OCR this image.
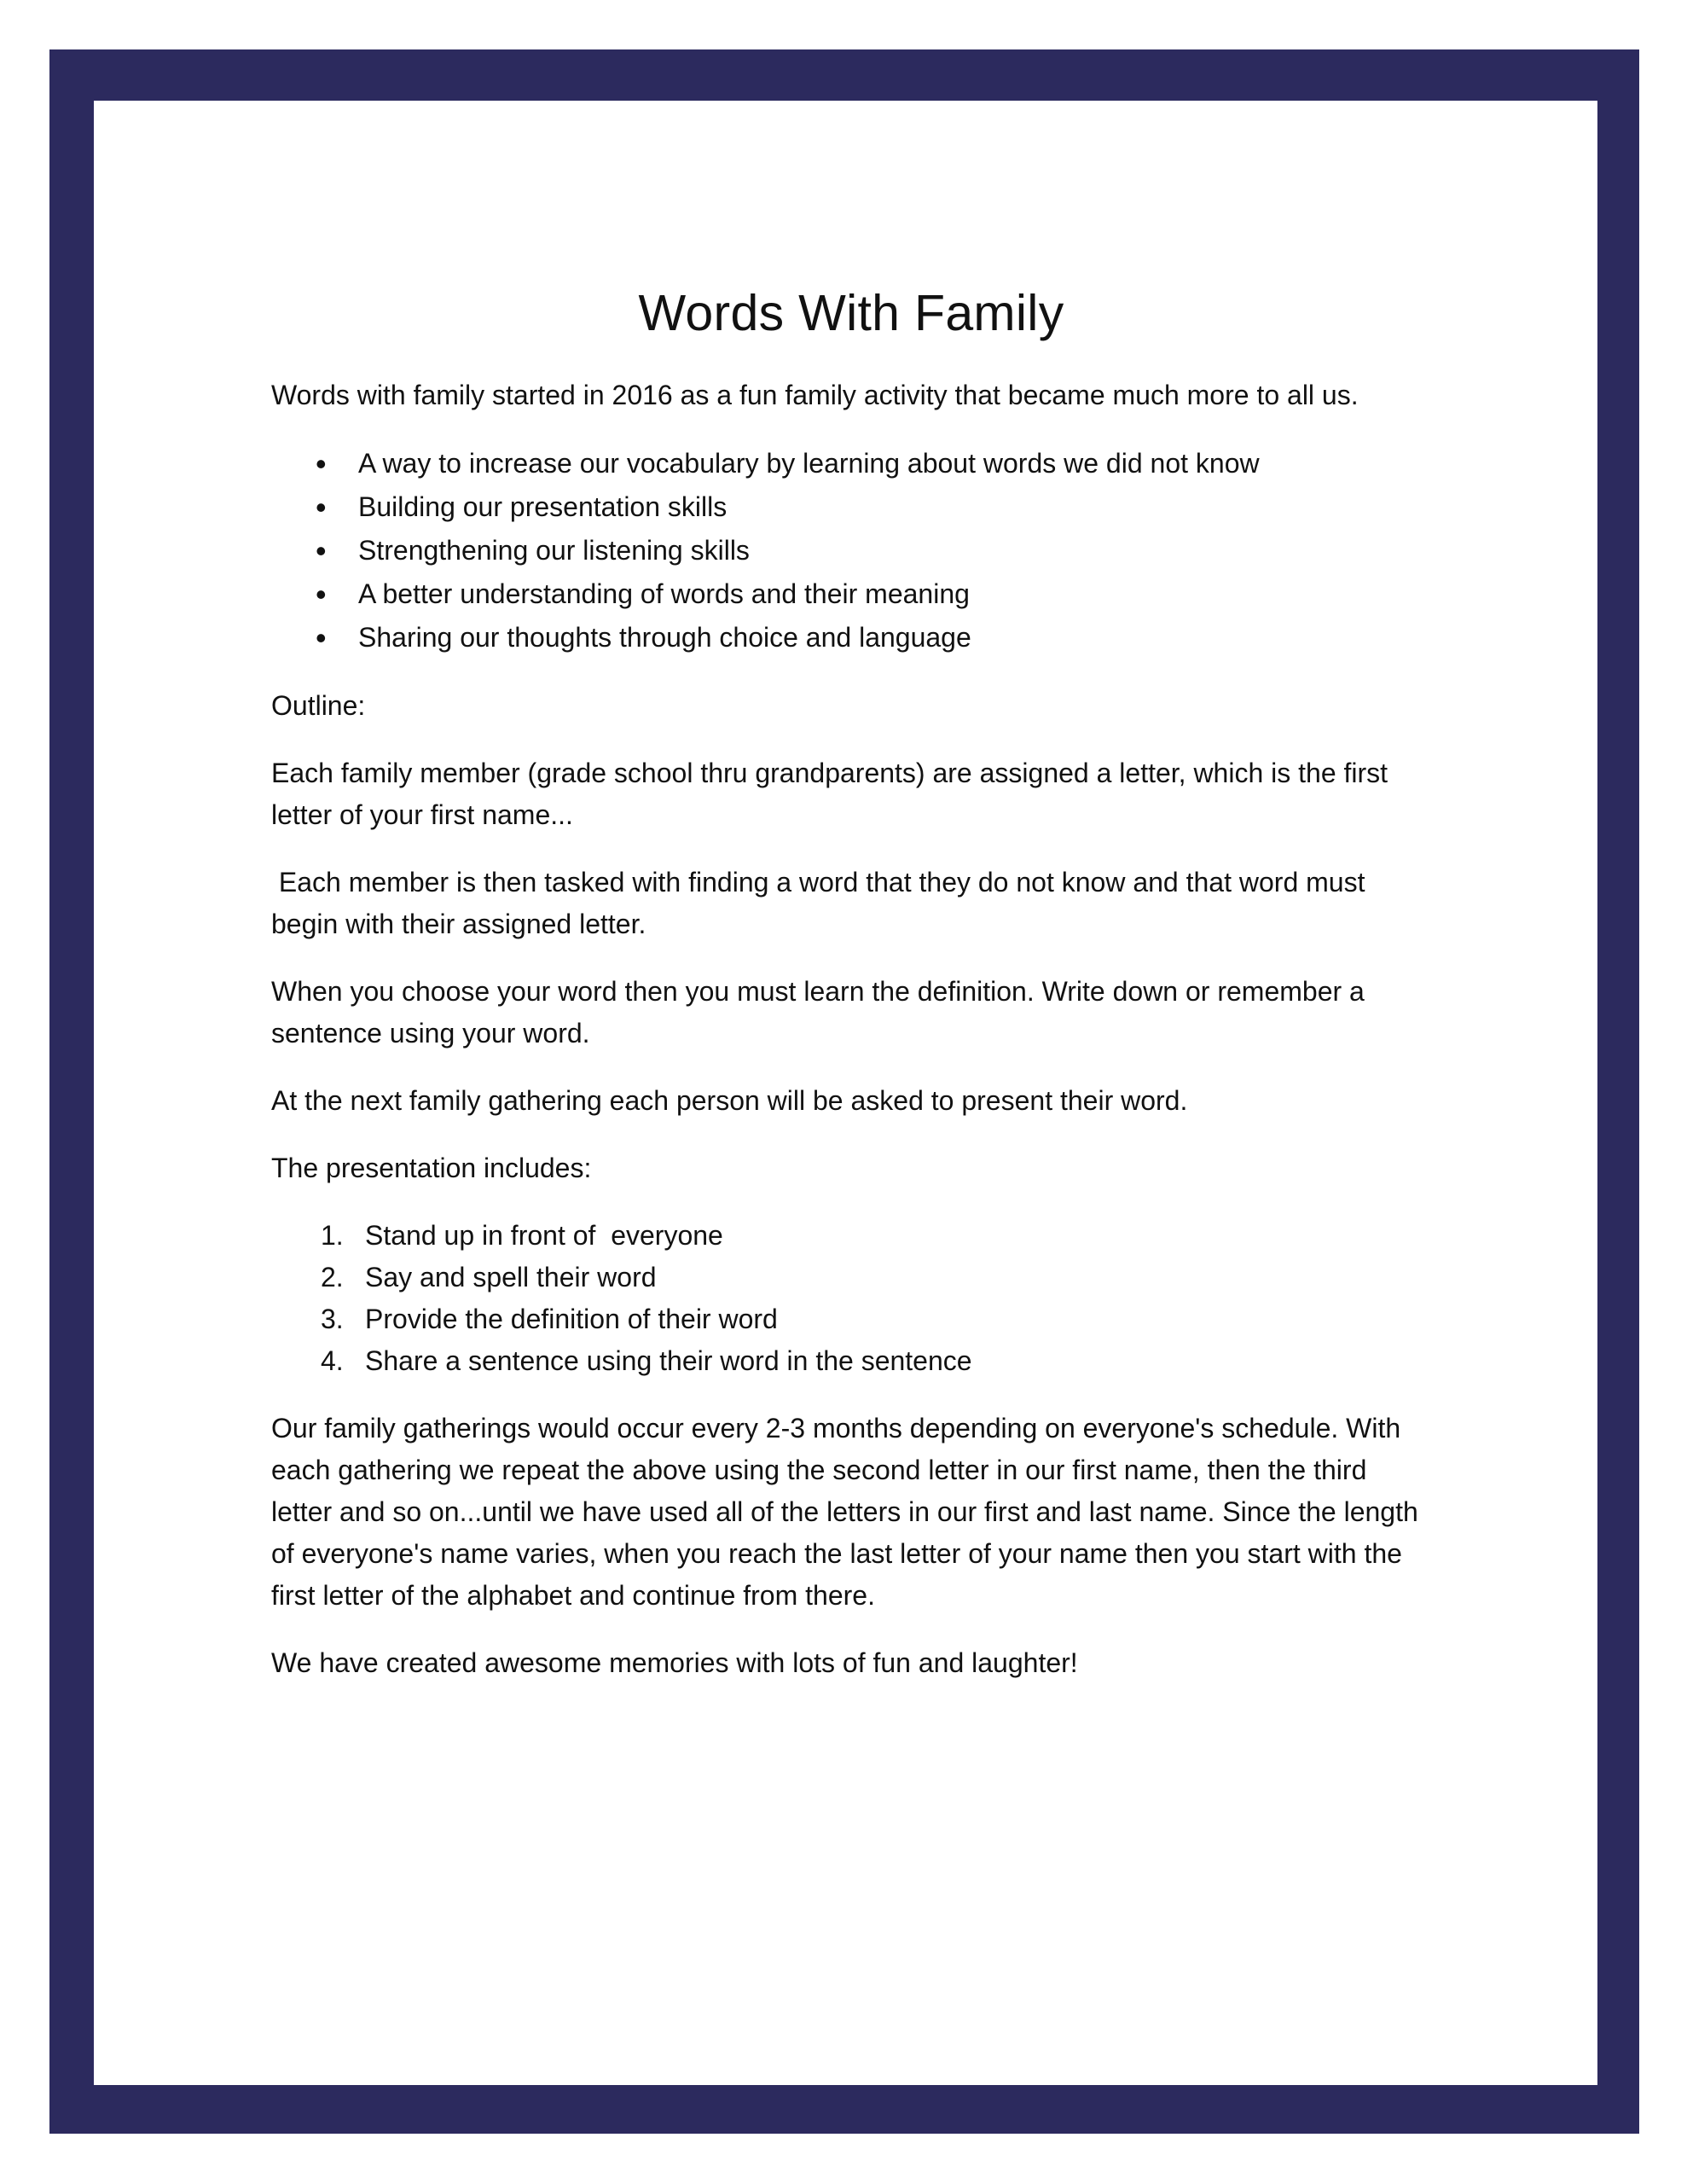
Words With Family

Words with family started in 2016 as a fun family activity that became much more to all us.

• A way to increase our vocabulary by learning about words we did not know
• Building our presentation skills
• Strengthening our listening skills
• A better understanding of words and their meaning
• Sharing our thoughts through choice and language

Outline:

Each family member (grade school thru grandparents) are assigned a letter, which is the first letter of your first name...

Each member is then tasked with finding a word that they do not know and that word must begin with their assigned letter.

When you choose your word then you must learn the definition. Write down or remember a sentence using your word.

At the next family gathering each person will be asked to present their word.

The presentation includes:

1. Stand up in front of  everyone
2. Say and spell their word
3. Provide the definition of their word
4. Share a sentence using their word in the sentence

Our family gatherings would occur every 2-3 months depending on everyone's schedule. With each gathering we repeat the above using the second letter in our first name, then the third letter and so on...until we have used all of the letters in our first and last name. Since the length of everyone's name varies, when you reach the last letter of your name then you start with the first letter of the alphabet and continue from there.

We have created awesome memories with lots of fun and laughter!
